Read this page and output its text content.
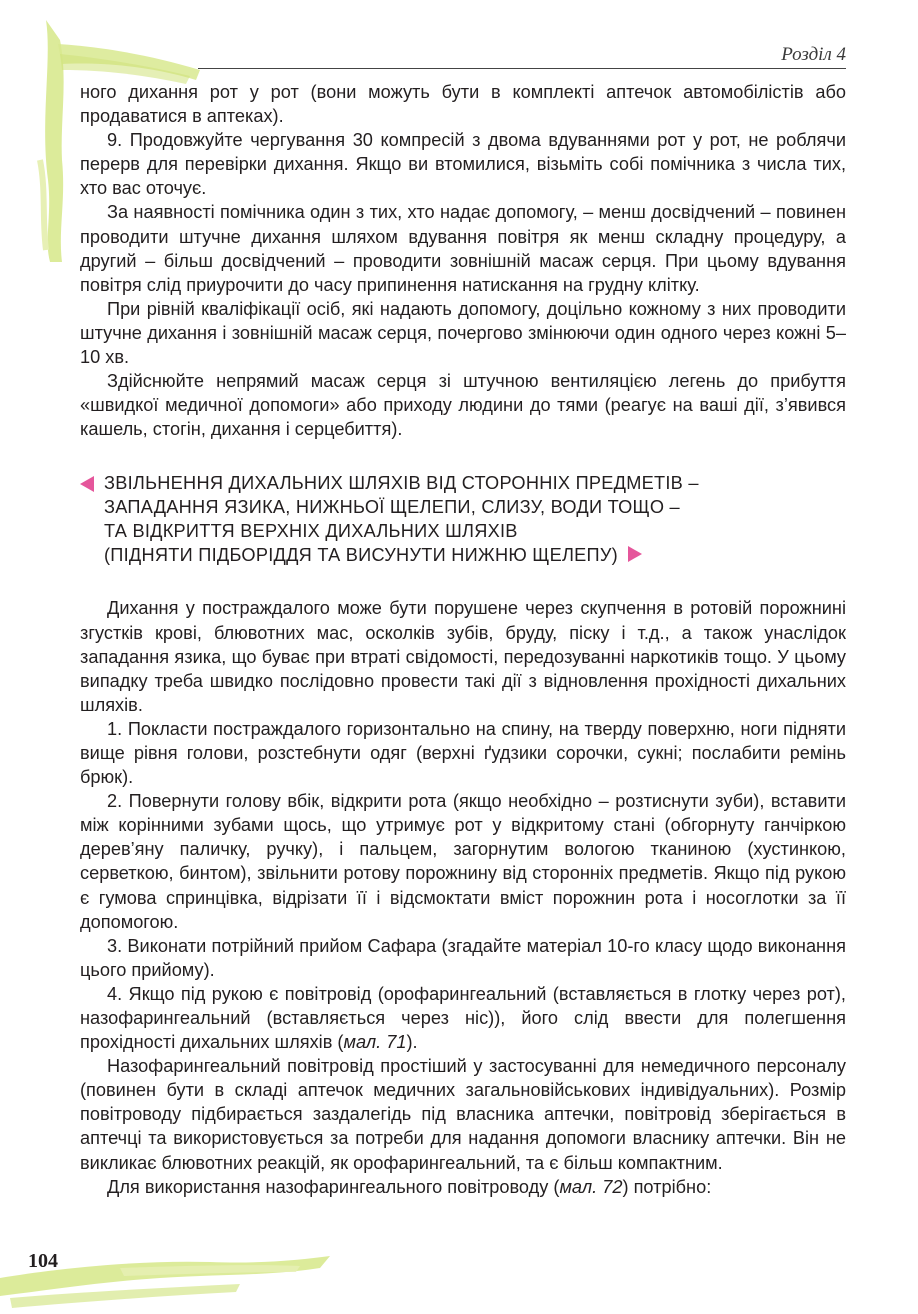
Розділ 4

ного дихання рот у рот (вони можуть бути в комплекті аптечок автомобілістів або продаватися в аптеках).

9. Продовжуйте чергування 30 компресій з двома вдуваннями рот у рот, не роблячи перерв для перевірки дихання. Якщо ви втомилися, візьміть собі помічника з числа тих, хто вас оточує.

За наявності помічника один з тих, хто надає допомогу, – менш досвідчений – повинен проводити штучне дихання шляхом вдування повітря як менш складну процедуру, а другий – більш досвідчений – проводити зовнішній масаж серця. При цьому вдування повітря слід приурочити до часу припинення натискання на грудну клітку.

При рівній кваліфікації осіб, які надають допомогу, доцільно кожному з них проводити штучне дихання і зовнішній масаж серця, почергово змінюючи один одного через кожні 5–10 хв.

Здійснюйте непрямий масаж серця зі штучною вентиляцією легень до прибуття «швидкої медичної допомоги» або приходу людини до тями (реагує на ваші дії, з’явився кашель, стогін, дихання і серцебиття).

ЗВІЛЬНЕННЯ ДИХАЛЬНИХ ШЛЯХІВ ВІД СТОРОННІХ ПРЕДМЕТІВ –
ЗАПАДАННЯ ЯЗИКА, НИЖНЬОЇ ЩЕЛЕПИ, СЛИЗУ, ВОДИ ТОЩО –
ТА ВІДКРИТТЯ ВЕРХНІХ ДИХАЛЬНИХ ШЛЯХІВ
(ПІДНЯТИ ПІДБОРІДДЯ ТА ВИСУНУТИ НИЖНЮ ЩЕЛЕПУ)

Дихання у постраждалого може бути порушене через скупчення в ротовій порожнині згустків крові, блювотних мас, осколків зубів, бруду, піску і т.д., а також унаслідок западання язика, що буває при втраті свідомості, передозуванні наркотиків тощо. У цьому випадку треба швидко послідовно провести такі дії з відновлення прохідності дихальних шляхів.

1. Покласти постраждалого горизонтально на спину, на тверду поверхню, ноги підняти вище рівня голови, розстебнути одяг (верхні ґудзики сорочки, сукні; послабити ремінь брюк).

2. Повернути голову вбік, відкрити рота (якщо необхідно – розтиснути зуби), вставити між корінними зубами щось, що утримує рот у відкритому стані (обгорнуту ганчіркою дерев’яну паличку, ручку), і пальцем, загорнутим вологою тканиною (хустинкою, серветкою, бинтом), звільнити ротову порожнину від сторонніх предметів. Якщо під рукою є гумова спринцівка, відрізати її і відсмоктати вміст порожнин рота і носоглотки за її допомогою.

3. Виконати потрійний прийом Сафара (згадайте матеріал 10-го класу щодо виконання цього прийому).

4. Якщо під рукою є повітровід (орофарингеальний (вставляється в глотку через рот), назофарингеальний (вставляється через ніс)), його слід ввести для полегшення прохідності дихальних шляхів (мал. 71).

Назофарингеальний повітровід простіший у застосуванні для немедичного персоналу (повинен бути в складі аптечок медичних загальновійськових індивідуальних). Розмір повітроводу підбирається заздалегідь під власника аптечки, повітровід зберігається в аптечці та використовується за потреби для надання допомоги власнику аптечки. Він не викликає блювотних реакцій, як орофарингеальний, та є більш компактним.

Для використання назофарингеального повітроводу (мал. 72) потрібно:

104
